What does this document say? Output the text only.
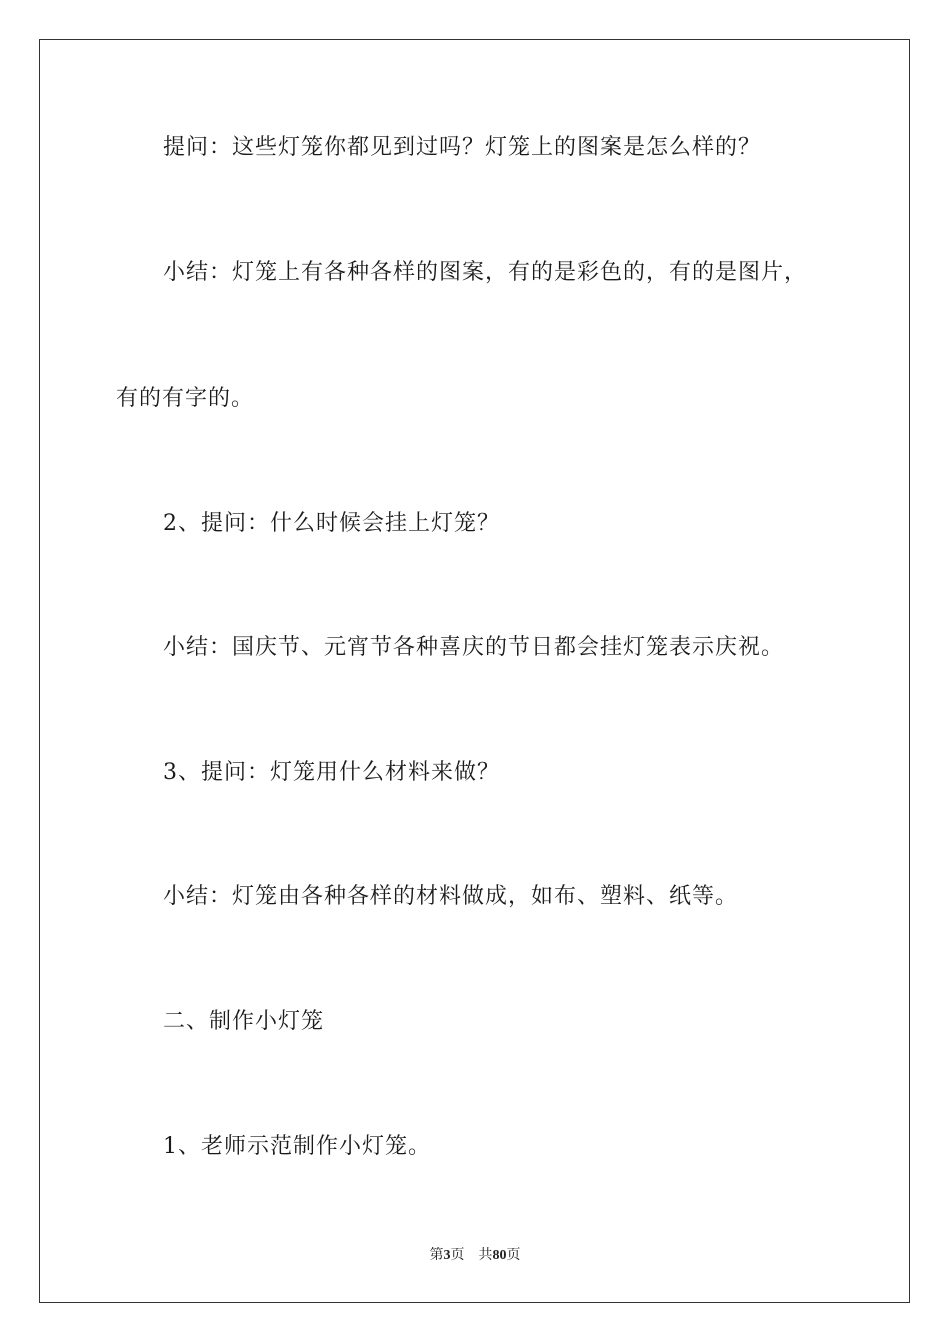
提问：这些灯笼你都见到过吗？灯笼上的图案是怎么样的？
小结：灯笼上有各种各样的图案，有的是彩色的，有的是图片，
有的有字的。
2、提问：什么时候会挂上灯笼？
小结：国庆节、元宵节各种喜庆的节日都会挂灯笼表示庆祝。
3、提问：灯笼用什么材料来做？
小结：灯笼由各种各样的材料做成，如布、塑料、纸等。
二、制作小灯笼
1、老师示范制作小灯笼。
第3页 共80页
